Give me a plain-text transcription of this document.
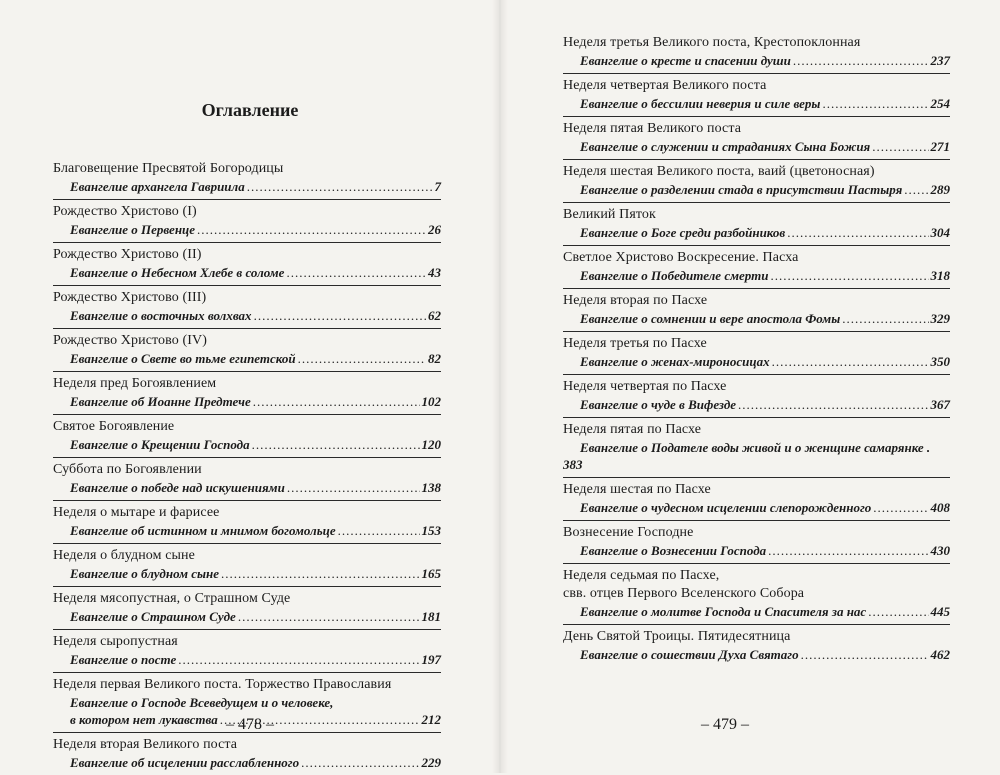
Оглавление
Благовещение Пресвятой Богородицы
Евангелие архангела Гавриила .....	7
Рождество Христово (I)
Евангелие о Первенце .....	26
Рождество Христово (II)
Евангелие о Небесном Хлебе в соломе .....	43
Рождество Христово (III)
Евангелие о восточных волхвах .....	62
Рождество Христово (IV)
Евангелие о Свете во тьме египетской .....	82
Неделя пред Богоявлением
Евангелие об Иоанне Предтече .....	102
Святое Богоявление
Евангелие о Крещении Господа .....	120
Суббота по Богоявлении
Евангелие о победе над искушениями .....	138
Неделя о мытаре и фарисее
Евангелие об истинном и мнимом богомольце .....	153
Неделя о блудном сыне
Евангелие о блудном сыне .....	165
Неделя мясопустная, о Страшном Суде
Евангелие о Страшном Суде .....	181
Неделя сыропустная
Евангелие о посте .....	197
Неделя первая Великого поста. Торжество Православия
Евангелие о Господе Всеведущем и о человеке,
в котором нет лукавства .....	212
Неделя вторая Великого поста
Евангелие об исцелении расслабленного .....	229

– 478 –

Неделя третья Великого поста, Крестопоклонная
Евангелие о кресте и спасении души .....	237
Неделя четвертая Великого поста
Евангелие о бессилии неверия и силе веры .....	254
Неделя пятая Великого поста
Евангелие о служении и страданиях Сына Божия .....	271
Неделя шестая Великого поста, ваий (цветоносная)
Евангелие о разделении стада в присутствии Пастыря ..... 289
Великий Пяток
Евангелие о Боге среди разбойников .....	304
Светлое Христово Воскресение. Пасха
Евангелие о Победителе смерти .....	318
Неделя вторая по Пасхе
Евангелие о сомнении и вере апостола Фомы .....	329
Неделя третья по Пасхе
Евангелие о женах-мироносицах .....	350
Неделя четвертая по Пасхе
Евангелие о чуде в Вифезде .....	367
Неделя пятая по Пасхе
Евангелие о Подателе воды живой и о женщине самарянке .
383
Неделя шестая по Пасхе
Евангелие о чудесном исцелении слепорожденного .....	408
Вознесение Господне
Евангелие о Вознесении Господа .....	430
Неделя седьмая по Пасхе,
свв. отцев Первого Вселенского Собора
Евангелие о молитве Господа и Спасителя за нас .....	445
День Святой Троицы. Пятидесятница
Евангелие о сошествии Духа Святаго .....	462

– 479 –
